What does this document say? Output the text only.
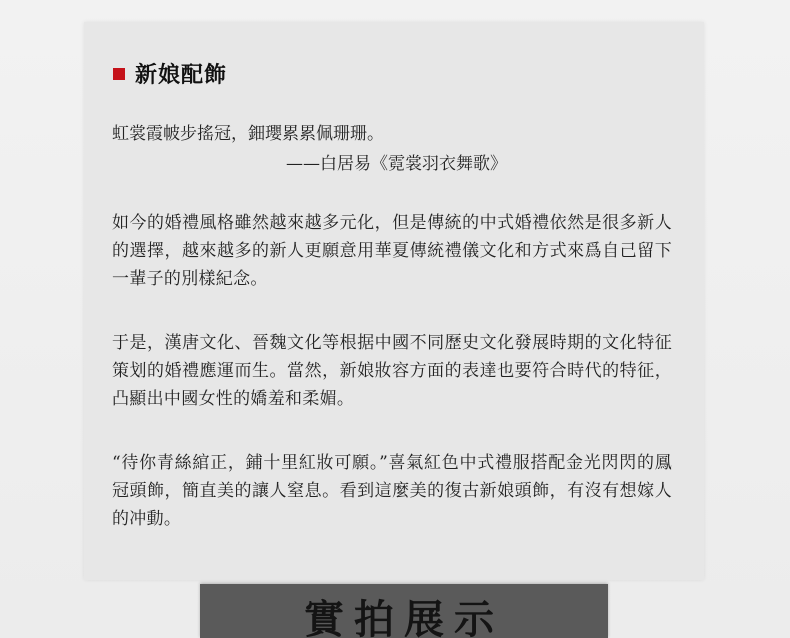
新娘配飾
虹裳霞帔步搖冠，鈿瓔累累佩珊珊。
——白居易《霓裳羽衣舞歌》
如今的婚禮風格雖然越來越多元化，但是傳統的中式婚禮依然是很多新人的選擇，越來越多的新人更願意用華夏傳統禮儀文化和方式來爲自己留下一輩子的別樣紀念。
于是，漢唐文化、晉魏文化等根据中國不同歷史文化發展時期的文化特征策划的婚禮應運而生。當然，新娘妝容方面的表達也要符合時代的特征，凸顯出中國女性的嬌羞和柔媚。
“待你青絲綰正，鋪十里紅妝可願。”喜氣紅色中式禮服搭配金光閃閃的鳳冠頭飾，簡直美的讓人窒息。看到這麼美的復古新娘頭飾，有沒有想嫁人的冲動。
實拍展示
